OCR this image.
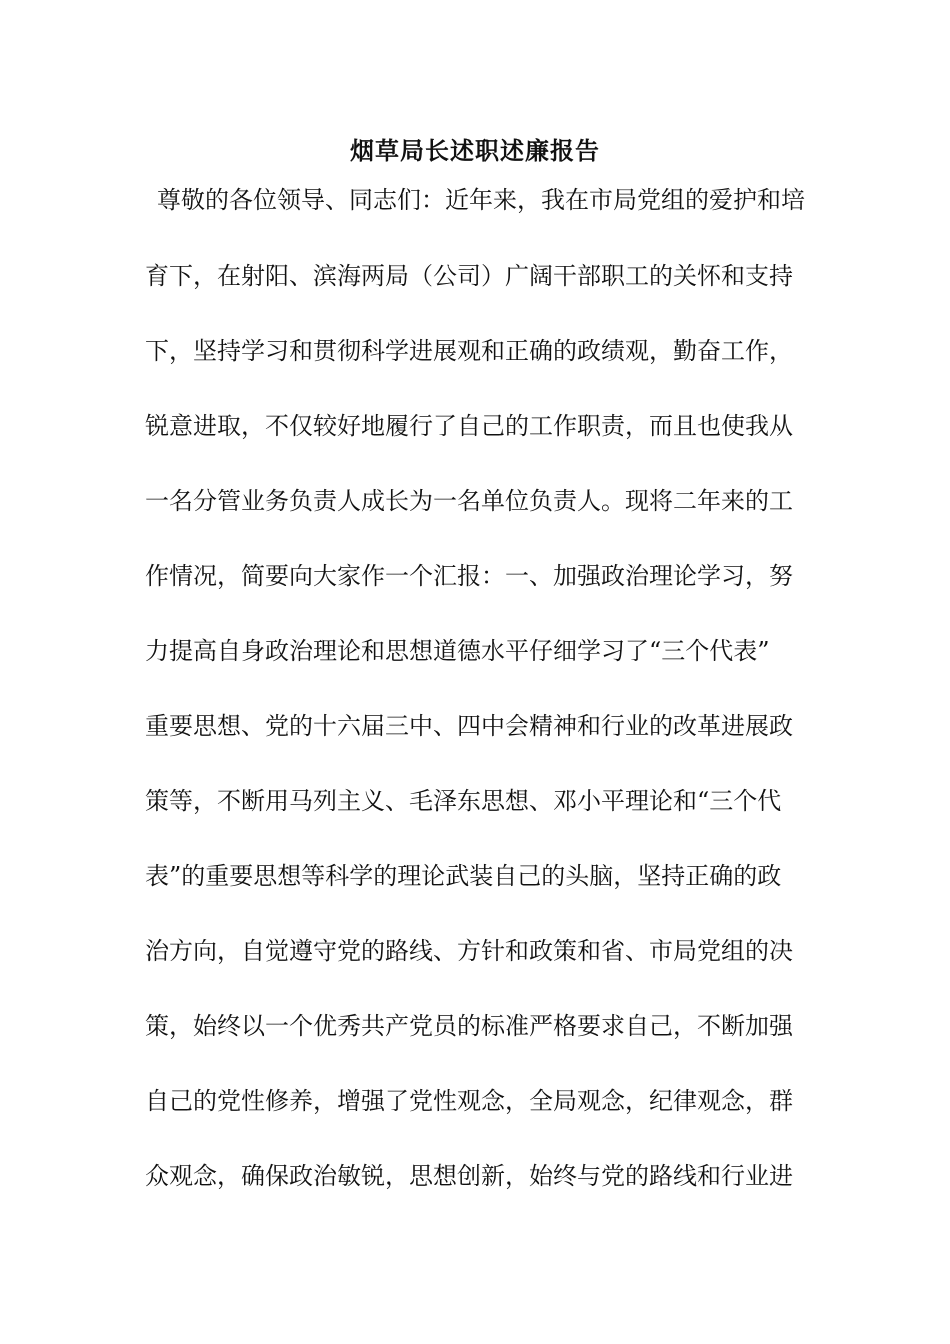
烟草局长述职述廉报告
尊敬的各位领导、同志们：近年来，我在市局党组的爱护和培
育下，在射阳、滨海两局（公司）广阔干部职工的关怀和支持
下，坚持学习和贯彻科学进展观和正确的政绩观，勤奋工作，
锐意进取，不仅较好地履行了自己的工作职责，而且也使我从
一名分管业务负责人成长为一名单位负责人。现将二年来的工
作情况，简要向大家作一个汇报：一、加强政治理论学习，努
力提高自身政治理论和思想道德水平仔细学习了“三个代表”
重要思想、党的十六届三中、四中会精神和行业的改革进展政
策等，不断用马列主义、毛泽东思想、邓小平理论和“三个代
表”的重要思想等科学的理论武装自己的头脑，坚持正确的政
治方向，自觉遵守党的路线、方针和政策和省、市局党组的决
策，始终以一个优秀共产党员的标准严格要求自己，不断加强
自己的党性修养，增强了党性观念，全局观念，纪律观念，群
众观念，确保政治敏锐，思想创新，始终与党的路线和行业进
